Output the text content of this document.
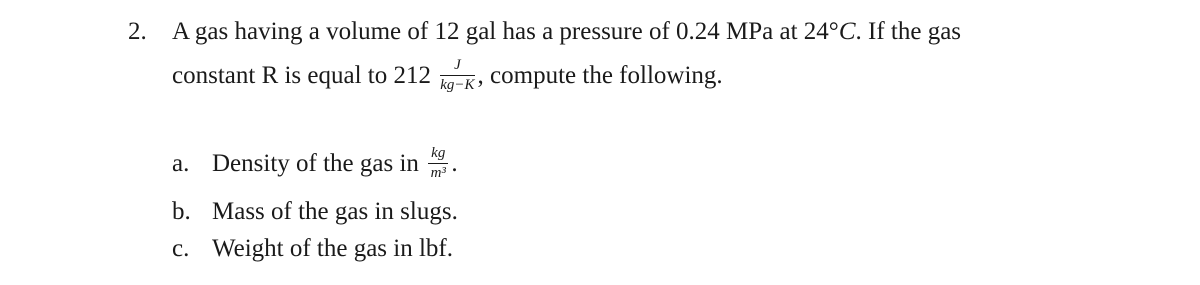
2. A gas having a volume of 12 gal has a pressure of 0.24 MPa at 24°C. If the gas
constant R is equal to $212 \frac{J}{kg-K}$ , compute the following.
a. Density of the gas in $\frac{kg}{\text{m³}}$ .
b. Mass of the gas in slugs.
c. Weight of the gas in lbf.
